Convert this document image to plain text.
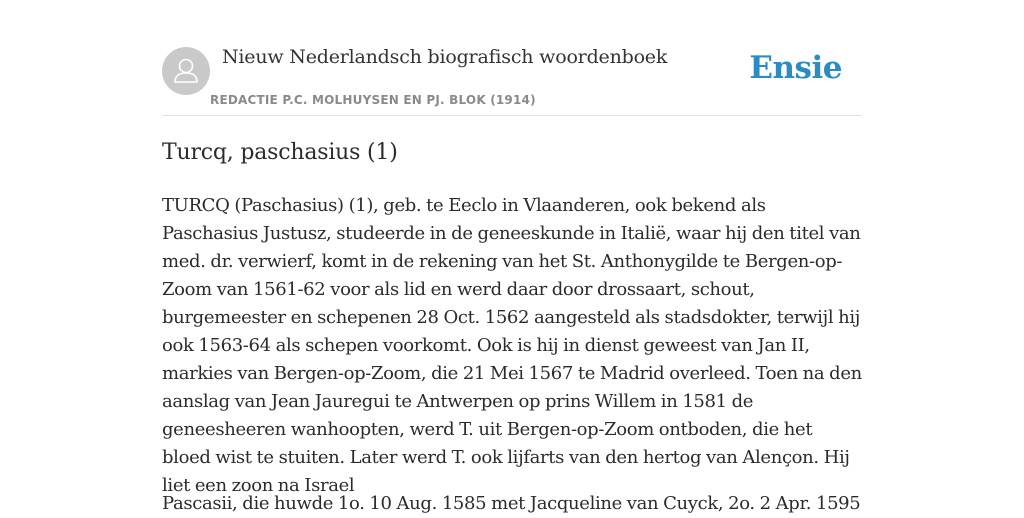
Nieuw Nederlandsch biografisch woordenboek
REDACTIE P.C. MOLHUYSEN EN PJ. BLOK (1914)
Ensie
Turcq, paschasius (1)

TURCQ (Paschasius) (1), geb. te Eeclo in Vlaanderen, ook bekend als Paschasius Justusz, studeerde in de geneeskunde in Italië, waar hij den titel van med. dr. verwierf, komt in de rekening van het St. Anthonygilde te Bergen-op-Zoom van 1561-62 voor als lid en werd daar door drossaart, schout, burgemeester en schepenen 28 Oct. 1562 aangesteld als stadsdokter, terwijl hij ook 1563-64 als schepen voorkomt. Ook is hij in dienst geweest van Jan II, markies van Bergen-op-Zoom, die 21 Mei 1567 te Madrid overleed. Toen na den aanslag van Jean Jauregui te Antwerpen op prins Willem in 1581 de geneesheeren wanhoopten, werd T. uit Bergen-op-Zoom ontboden, die het bloed wist te stuiten. Later werd T. ook lijfarts van den hertog van Alençon. Hij liet een zoon na Israel

Pascasii, die huwde 1o. 10 Aug. 1585 met Jacqueline van Cuyck, 2o. 2 Apr. 1595
